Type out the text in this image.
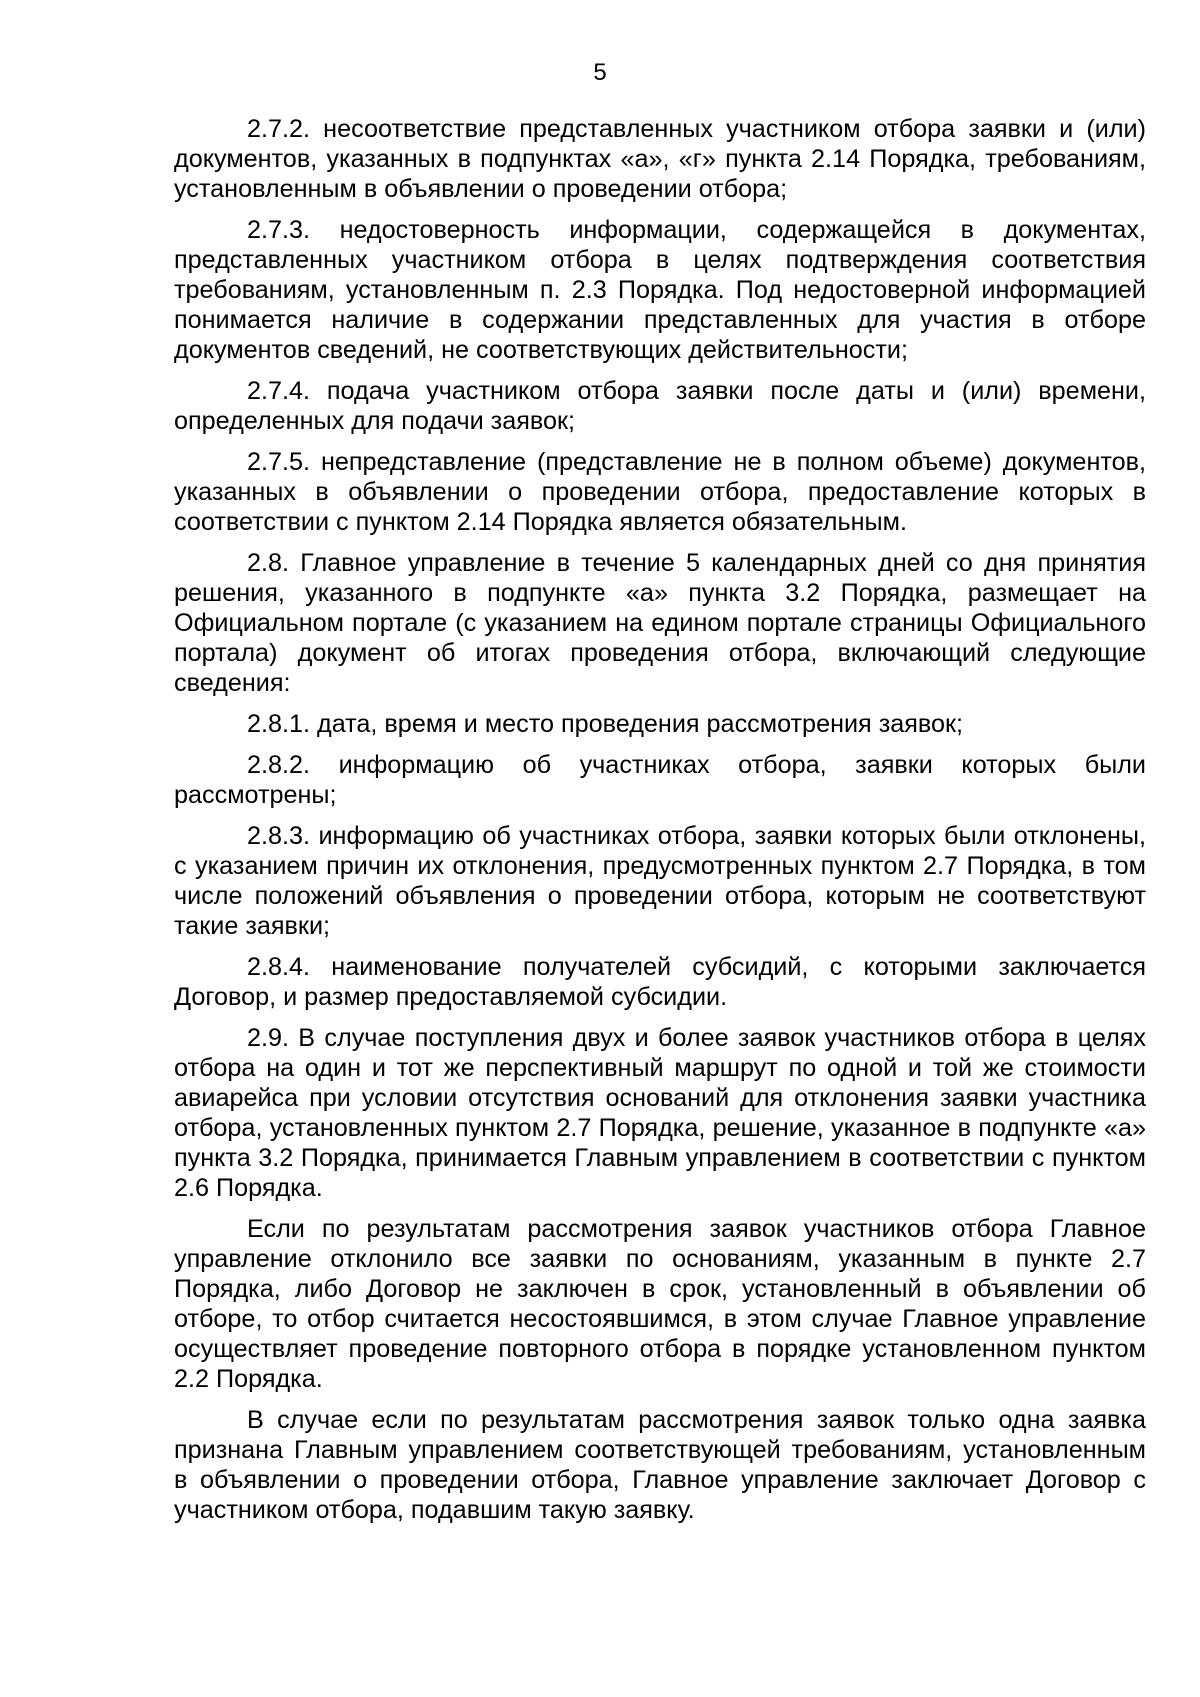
5

2.7.2. несоответствие представленных участником отбора заявки и (или) документов, указанных в подпунктах «а», «г» пункта 2.14 Порядка, требованиям, установленным в объявлении о проведении отбора;

2.7.3. недостоверность информации, содержащейся в документах, представленных участником отбора в целях подтверждения соответствия требованиям, установленным п. 2.3 Порядка. Под недостоверной информацией понимается наличие в содержании представленных для участия в отборе документов сведений, не соответствующих действительности;

2.7.4. подача участником отбора заявки после даты и (или) времени, определенных для подачи заявок;

2.7.5. непредставление (представление не в полном объеме) документов, указанных в объявлении о проведении отбора, предоставление которых в соответствии с пунктом 2.14 Порядка является обязательным.

2.8. Главное управление в течение 5 календарных дней со дня принятия решения, указанного в подпункте «а» пункта 3.2 Порядка, размещает на Официальном портале (с указанием на едином портале страницы Официального портала) документ об итогах проведения отбора, включающий следующие сведения:

2.8.1. дата, время и место проведения рассмотрения заявок;

2.8.2. информацию об участниках отбора, заявки которых были рассмотрены;

2.8.3. информацию об участниках отбора, заявки которых были отклонены, с указанием причин их отклонения, предусмотренных пунктом 2.7 Порядка, в том числе положений объявления о проведении отбора, которым не соответствуют такие заявки;

2.8.4. наименование получателей субсидий, с которыми заключается Договор, и размер предоставляемой субсидии.

2.9. В случае поступления двух и более заявок участников отбора в целях отбора на один и тот же перспективный маршрут по одной и той же стоимости авиарейса при условии отсутствия оснований для отклонения заявки участника отбора, установленных пунктом 2.7 Порядка, решение, указанное в подпункте «а» пункта 3.2 Порядка, принимается Главным управлением в соответствии с пунктом 2.6 Порядка.

Если по результатам рассмотрения заявок участников отбора Главное управление отклонило все заявки по основаниям, указанным в пункте 2.7 Порядка, либо Договор не заключен в срок, установленный в объявлении об отборе, то отбор считается несостоявшимся, в этом случае Главное управление осуществляет проведение повторного отбора в порядке установленном пунктом 2.2 Порядка.

В случае если по результатам рассмотрения заявок только одна заявка признана Главным управлением соответствующей требованиям, установленным в объявлении о проведении отбора, Главное управление заключает Договор с участником отбора, подавшим такую заявку.
